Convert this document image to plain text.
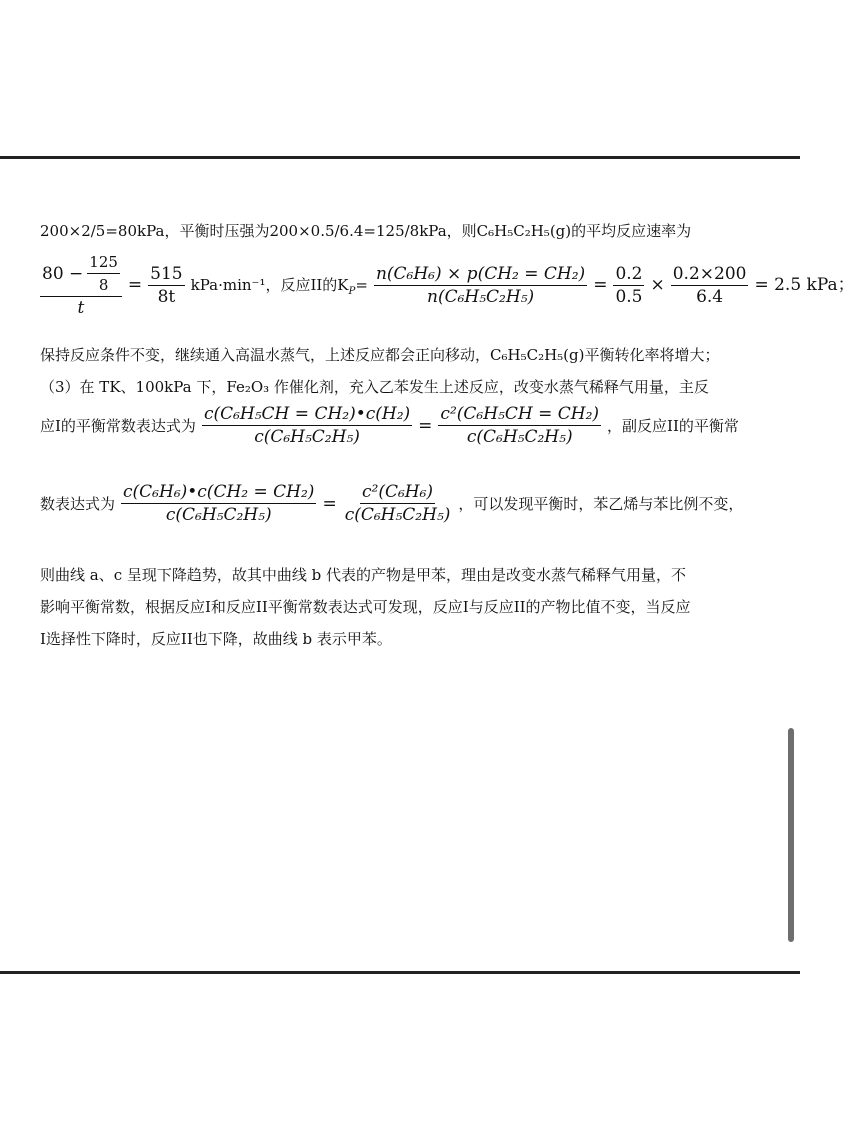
200×2/5=80kPa，平衡时压强为200×0.5/6.4=125/8kPa，则C₆H₅C₂H₅(g)的平均反应速率为
$\frac{80 - \frac{125}{8}}{t} = \frac{515}{8t} kPa\cdot\min^{-1}$，反应II的$K_P= \frac{\text{n(C₆H₆) × p(CH₂ = CH₂)}}{\text{n(C₆H₅C₂H₅)}} = \frac{0.2}{0.5} \times \frac{0.2\times 200}{6.4} = 2.5$ kPa；
保持反应条件不变，继续通入高温水蒸气，上述反应都会正向移动，C₆H₅C₂H₅(g)平衡转化率将增大；
（3）在 TK、100kPa 下，Fe₂O₃ 作催化剂，充入乙苯发生上述反应，改变水蒸气稀释气用量，主反
应I的平衡常数表达式为 $\frac{\text{c(C₆H₅CH = CH₂)•c(H₂)}}{\text{c(C₆H₅C₂H₅)}} = \frac{\text{c²(C₆H₅CH = CH₂)}}{\text{c(C₆H₅C₂H₅)}}$ ，副反应II的平衡常
数表达式为 $\frac{\text{c(C₆H₆)•c(CH₂ = CH₂)}}{\text{c(C₆H₅C₂H₅)}} = \frac{\text{c²(C₆H₆)}}{\text{c(C₆H₅C₂H₅)}}$ ，可以发现平衡时，苯乙烯与苯比例不变，
则曲线 a、c 呈现下降趋势，故其中曲线 b 代表的产物是甲苯，理由是改变水蒸气稀释气用量，不
影响平衡常数，根据反应I和反应II平衡常数表达式可发现，反应I与反应II的产物比值不变，当反应
I选择性下降时，反应II也下降，故曲线 b 表示甲苯。
